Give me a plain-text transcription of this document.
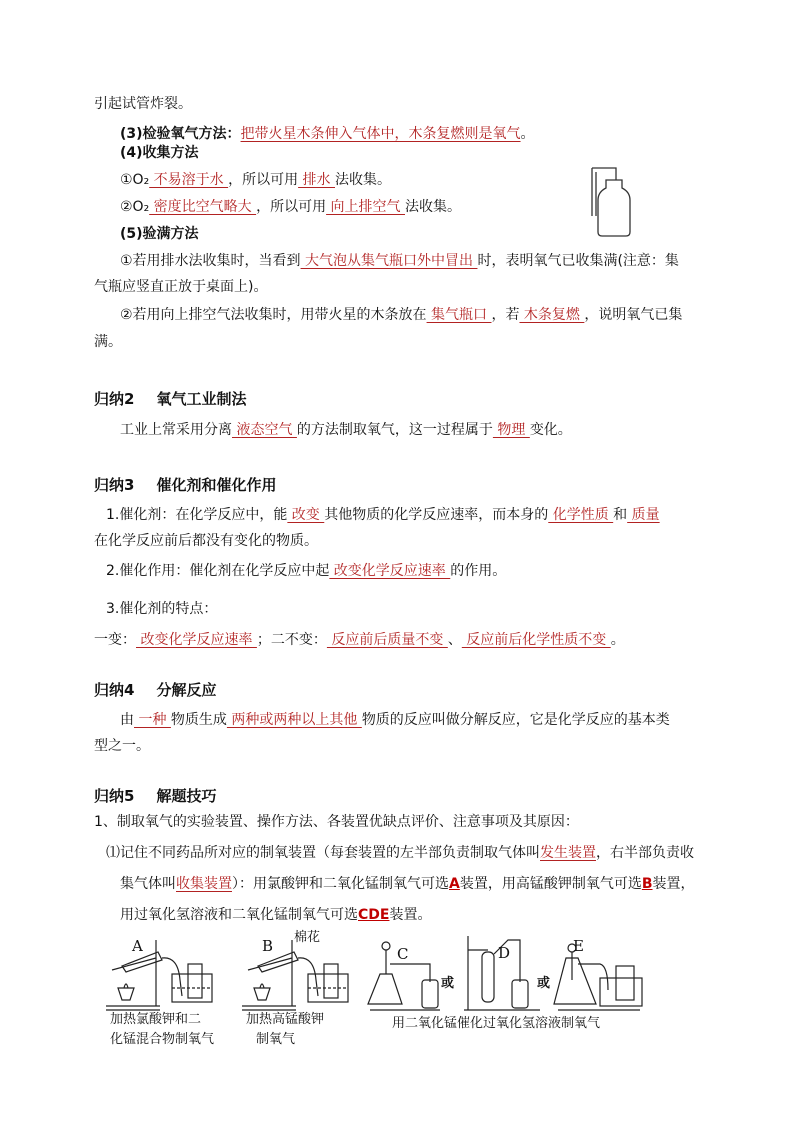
引起试管炸裂。
(3)检验氧气方法：把带火星木条伸入气体中，木条复燃则是氧气。
(4)收集方法
①O₂ 不易溶于水 ，所以可用 排水 法收集。
②O₂ 密度比空气略大 ，所以可用 向上排空气 法收集。
(5)验满方法
①若用排水法收集时，当看到 大气泡从集气瓶口外中冒出 时，表明氧气已收集满(注意：集
气瓶应竖直正放于桌面上)。
②若用向上排空气法收集时，用带火星的木条放在 集气瓶口 ，若 木条复燃 ，说明氧气已集
满。
归纳2 氧气工业制法
工业上常采用分离 液态空气 的方法制取氧气，这一过程属于 物理 变化。
归纳3 催化剂和催化作用
1.催化剂：在化学反应中，能 改变 其他物质的化学反应速率，而本身的 化学性质 和 质量
在化学反应前后都没有变化的物质。
2.催化作用：催化剂在化学反应中起 改变化学反应速率 的作用。
3.催化剂的特点：
一变： 改变化学反应速率 ；二不变： 反应前后质量不变 、 反应前后化学性质不变 。
归纳4 分解反应
由 一种 物质生成 两种或两种以上其他 物质的反应叫做分解反应，它是化学反应的基本类
型之一。
归纳5 解题技巧
1、制取氧气的实验装置、操作方法、各装置优缺点评价、注意事项及其原因：
⑴记住不同药品所对应的制氧装置（每套装置的左半部负责制取气体叫发生装置，右半部负责收
集气体叫收集装置）：用氯酸钾和二氧化锰制氧气可选A装置，用高锰酸钾制氧气可选B装置，
用过氧化氢溶液和二氧化锰制氧气可选CDE装置。
A	B 棉花
C
或
D
或
E
加热氯酸钾和二
化锰混合物制氧气
加热高锰酸钾
制氧气
用二氧化锰催化过氧化氢溶液制氧气
